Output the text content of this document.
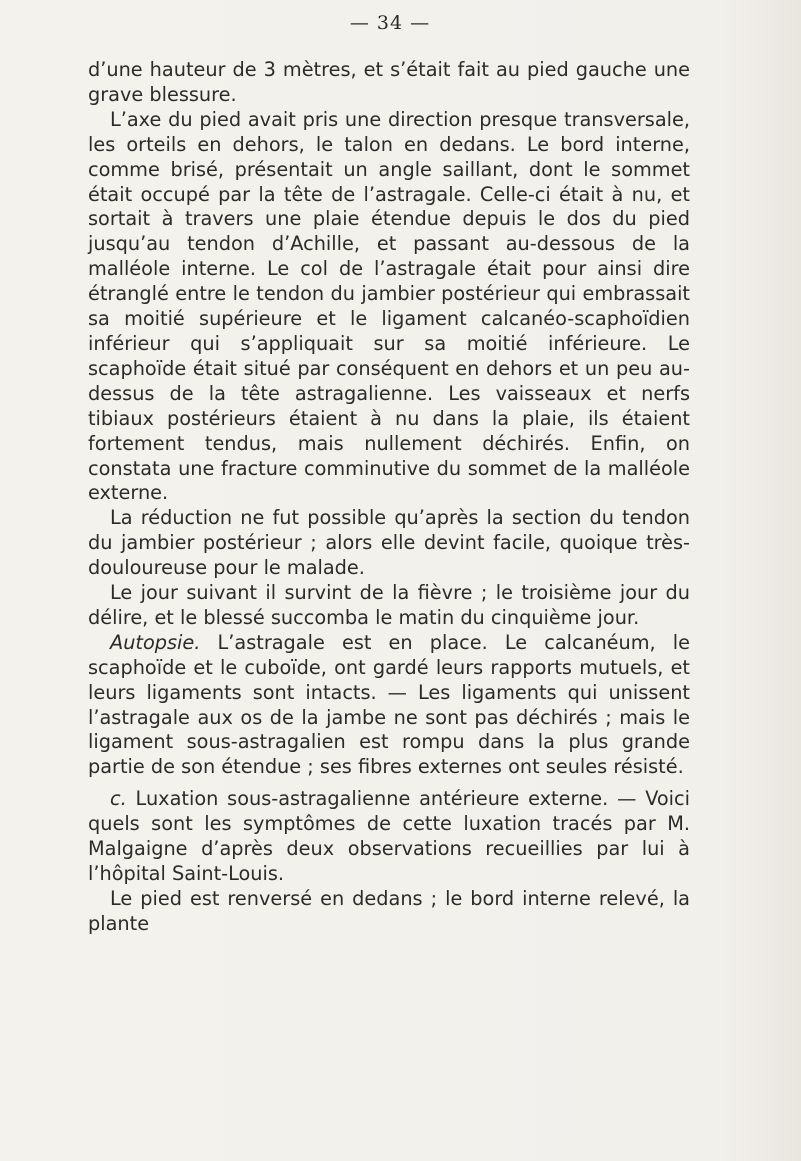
— 34 —

d’une hauteur de 3 mètres, et s’était fait au pied gauche une grave blessure.

L’axe du pied avait pris une direction presque transversale, les orteils en dehors, le talon en dedans. Le bord interne, comme brisé, présentait un angle saillant, dont le sommet était occupé par la tête de l’astragale. Celle-ci était à nu, et sortait à travers une plaie étendue depuis le dos du pied jusqu’au tendon d’Achille, et passant au-dessous de la malléole interne. Le col de l’astragale était pour ainsi dire étranglé entre le tendon du jambier postérieur qui embrassait sa moitié supérieure et le ligament calcanéo-scaphoïdien inférieur qui s’appliquait sur sa moitié inférieure. Le scaphoïde était situé par conséquent en dehors et un peu au-dessus de la tête astragalienne. Les vaisseaux et nerfs tibiaux postérieurs étaient à nu dans la plaie, ils étaient fortement tendus, mais nullement déchirés. Enfin, on constata une fracture comminutive du sommet de la malléole externe.

La réduction ne fut possible qu’après la section du tendon du jambier postérieur ; alors elle devint facile, quoique très-douloureuse pour le malade.

Le jour suivant il survint de la fièvre ; le troisième jour du délire, et le blessé succomba le matin du cinquième jour.

Autopsie. L’astragale est en place. Le calcanéum, le scaphoïde et le cuboïde, ont gardé leurs rapports mutuels, et leurs ligaments sont intacts. — Les ligaments qui unissent l’astragale aux os de la jambe ne sont pas déchirés ; mais le ligament sous-astragalien est rompu dans la plus grande partie de son étendue ; ses fibres externes ont seules résisté.

c. Luxation sous-astragalienne antérieure externe. — Voici quels sont les symptômes de cette luxation tracés par M. Malgaigne d’après deux observations recueillies par lui à l’hôpital Saint-Louis.

Le pied est renversé en dedans ; le bord interne relevé, la plante
